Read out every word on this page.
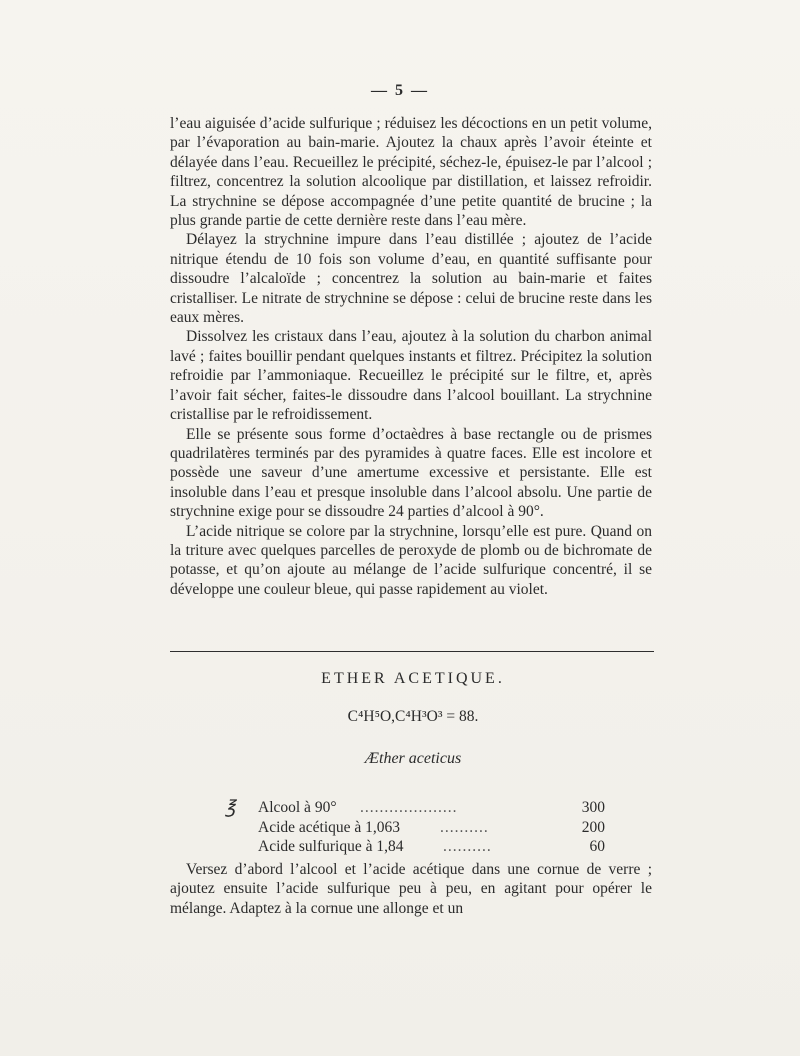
— 5 —

l’eau aiguisée d’acide sulfurique ; réduisez les décoctions en un petit volume, par l’évaporation au bain-marie. Ajoutez la chaux après l’avoir éteinte et délayée dans l’eau. Recueillez le précipité, séchez-le, épuisez-le par l’alcool ; filtrez, concentrez la solution alcoolique par distillation, et laissez refroidir. La strychnine se dépose accompagnée d’une petite quantité de brucine ; la plus grande partie de cette dernière reste dans l’eau mère.

Délayez la strychnine impure dans l’eau distillée ; ajoutez de l’acide nitrique étendu de 10 fois son volume d’eau, en quantité suffisante pour dissoudre l’alcaloïde ; concentrez la solution au bain-marie et faites cristalliser. Le nitrate de strychnine se dépose : celui de brucine reste dans les eaux mères.

Dissolvez les cristaux dans l’eau, ajoutez à la solution du charbon animal lavé ; faites bouillir pendant quelques instants et filtrez. Précipitez la solution refroidie par l’ammoniaque. Recueillez le précipité sur le filtre, et, après l’avoir fait sécher, faites-le dissoudre dans l’alcool bouillant. La strychnine cristallise par le refroidissement.

Elle se présente sous forme d’octaèdres à base rectangle ou de prismes quadrilatères terminés par des pyramides à quatre faces. Elle est incolore et possède une saveur d’une amertume excessive et persistante. Elle est insoluble dans l’eau et presque insoluble dans l’alcool absolu. Une partie de strychnine exige pour se dissoudre 24 parties d’alcool à 90°.

L’acide nitrique se colore par la strychnine, lorsqu’elle est pure. Quand on la triture avec quelques parcelles de peroxyde de plomb ou de bichromate de potasse, et qu’on ajoute au mélange de l’acide sulfurique concentré, il se développe une couleur bleue, qui passe rapidement au violet.

ETHER ACETIQUE.
C⁴H⁵O,C⁴H³O³ = 88.
Æther aceticus
℥ Alcool à 90° ....................	300
Acide acétique à 1,063	..........	200
Acide sulfurique à 1,84	..........	60

Versez d’abord l’alcool et l’acide acétique dans une cornue de verre ; ajoutez ensuite l’acide sulfurique peu à peu, en agitant pour opérer le mélange. Adaptez à la cornue une allonge et un
